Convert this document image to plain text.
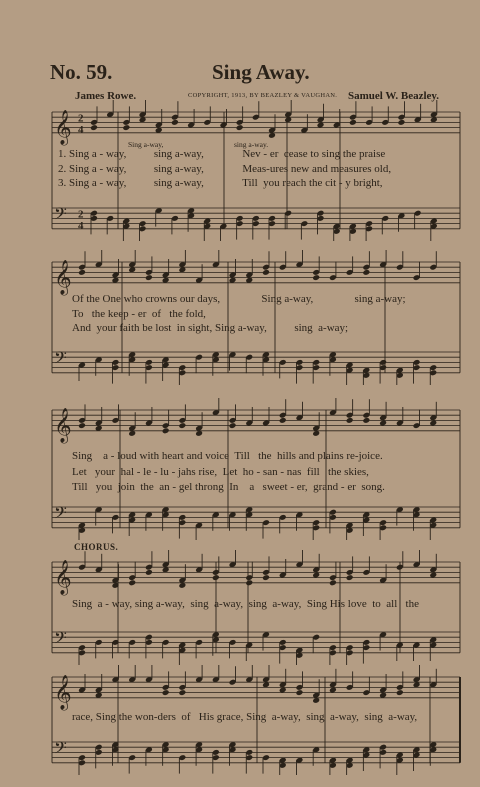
No. 59.	Sing Away.
James Rowe.	COPYRIGHT, 1913, BY BEAZLEY & VAUGHAN. Samuel W. Beazley.
Sing a-way,	sing a-way.
CHORUS.
𝄞 2
4
𝄢 2
4
𝄞
𝄢
𝄞
𝄢
𝄞
𝄢
𝄞
𝄢
1. Sing a - way,          sing a-way,              Nev - er  cease to sing the praise
2. Sing a - way,          sing a-way,              Meas-ures new and measures old,
3. Sing a - way,          sing a-way,              Till  you reach the cit - y bright,
Of the One who crowns our days,               Sing a-way,               sing a-way;
To   the keep - er  of   the fold,
And  your faith be lost  in sight, Sing a-way,          sing  a-way;
Sing    a - loud with heart and voice  Till   the  hills and plains re-joice.
Let   your  hal - le - lu - jahs rise,  Let  ho - san - nas  fill   the skies,
Till   you  join  the  an - gel throng  In    a   sweet - er,  grand - er  song.
Sing  a - way, sing a-way,  sing  a-way,  sing  a-way,  Sing His love  to  all   the
race, Sing the won-ders  of   His grace, Sing  a-way,  sing  a-way,  sing  a-way,
